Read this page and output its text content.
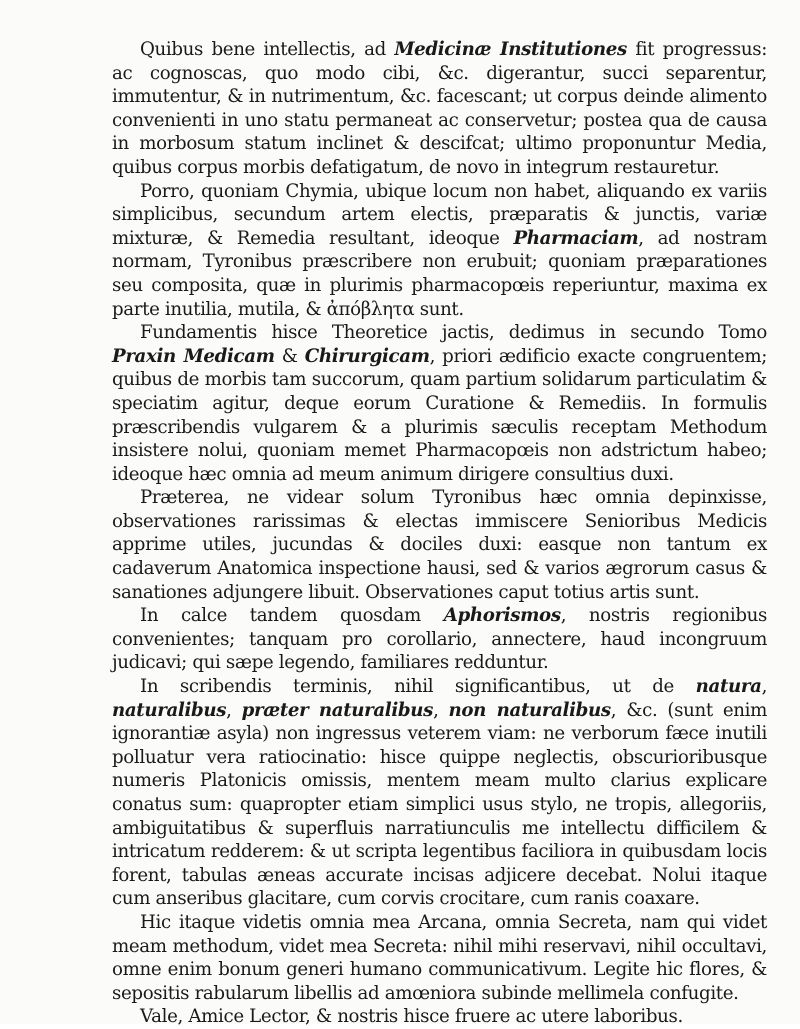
Quibus bene intellectis, ad Medicinæ Institutiones fit progressus: ac cognoscas, quo modo cibi, &c. digerantur, succi separentur, immutentur, & in nutrimentum, &c. facescant; ut corpus deinde alimento convenienti in uno statu permaneat ac conservetur; postea qua de causa in morbosum statum inclinet & descifcat; ultimo proponuntur Media, quibus corpus morbis defatigatum, de novo in integrum restauretur.

Porro, quoniam Chymia, ubique locum non habet, aliquando ex variis simplicibus, secundum artem electis, præparatis & junctis, variæ mixturæ, & Remedia resultant, ideoque Pharmaciam, ad nostram normam, Tyronibus præscribere non erubuit; quoniam præparationes seu composita, quæ in plurimis pharmacopœis reperiuntur, maxima ex parte inutilia, mutila, & ἀπόβλητα sunt.

Fundamentis hisce Theoretice jactis, dedimus in secundo Tomo Praxin Medicam & Chirurgicam, priori ædificio exacte congruentem; quibus de morbis tam succorum, quam partium solidarum particulatim & speciatim agitur, deque eorum Curatione & Remediis. In formulis præscribendis vulgarem & a plurimis sæculis receptam Methodum insistere nolui, quoniam memet Pharmacopœis non adstrictum habeo; ideoque hæc omnia ad meum animum dirigere consultius duxi.

Præterea, ne videar solum Tyronibus hæc omnia depinxisse, observationes rarissimas & electas immiscere Senioribus Medicis apprime utiles, jucundas & dociles duxi: easque non tantum ex cadaverum Anatomica inspectione hausi, sed & varios ægrorum casus & sanationes adjungere libuit. Observationes caput totius artis sunt.

In calce tandem quosdam Aphorismos, nostris regionibus convenientes; tanquam pro corollario, annectere, haud incongruum judicavi; qui sæpe legendo, familiares redduntur.

In scribendis terminis, nihil significantibus, ut de natura, naturalibus, præter naturalibus, non naturalibus, &c. (sunt enim ignorantiæ asyla) non ingressus veterem viam: ne verborum fæce inutili polluatur vera ratiocinatio: hisce quippe neglectis, obscurioribusque numeris Platonicis omissis, mentem meam multo clarius explicare conatus sum: quapropter etiam simplici usus stylo, ne tropis, allegoriis, ambiguitatibus & superfluis narratiunculis me intellectu difficilem & intricatum redderem: & ut scripta legentibus faciliora in quibusdam locis forent, tabulas æneas accurate incisas adjicere decebat. Nolui itaque cum anseribus glacitare, cum corvis crocitare, cum ranis coaxare.

Hic itaque videtis omnia mea Arcana, omnia Secreta, nam qui videt meam methodum, videt mea Secreta: nihil mihi reservavi, nihil occultavi, omne enim bonum generi humano communicativum. Legite hic flores, & sepositis rabularum libellis ad amœniora subinde mellimela confugite.

Vale, Amice Lector, & nostris hisce fruere ac utere laboribus.
